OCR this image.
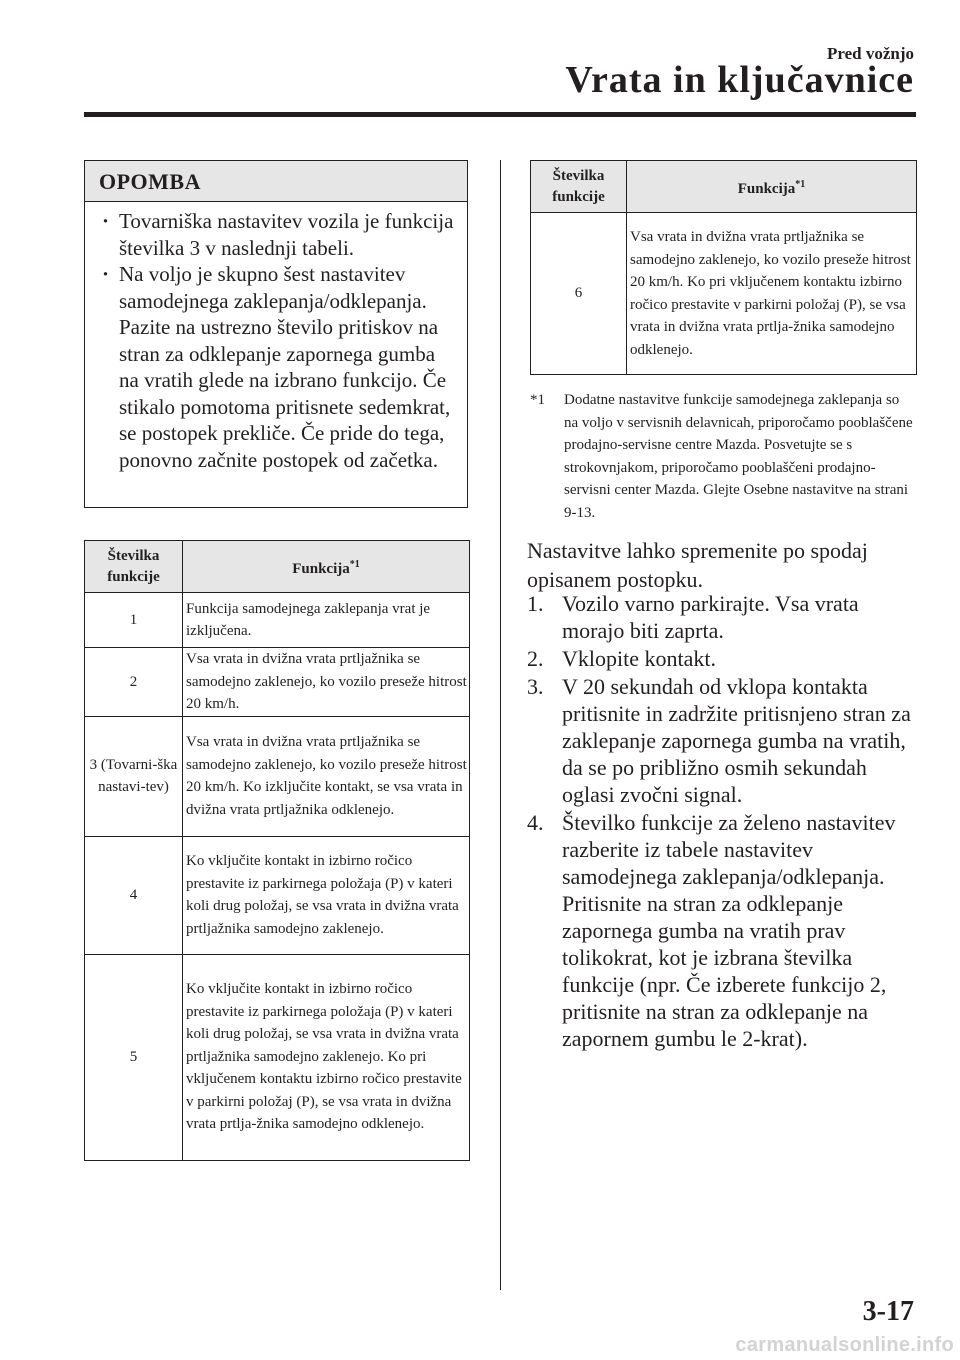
Pred vožnjo
Vrata in ključavnice
OPOMBA
· Tovarniška nastavitev vozila je funkcija številka 3 v naslednji tabeli.
· Na voljo je skupno šest nastavitev samodejnega zaklepanja/odklepanja. Pazite na ustrezno število pritiskov na stran za odklepanje zapornega gumba na vratih glede na izbrano funkcijo. Če stikalo pomotoma pritisnete sedemkrat, se postopek prekliče. Če pride do tega, ponovno začnite postopek od začetka.
Številka funkcije	Funkcija$^{*1}$
1	Funkcija samodejnega zaklepanja vrat je izključena.
2	Vsa vrata in dvižna vrata prtljažnika se samodejno zaklenejo, ko vozilo preseže hitrost 20 km/h.
3 (Tovarni-ška nastavi-tev)	Vsa vrata in dvižna vrata prtljažnika se samodejno zaklenejo, ko vozilo preseže hitrost 20 km/h. Ko izključite kontakt, se vsa vrata in dvižna vrata prtljažnika odklenejo.
4	Ko vključite kontakt in izbirno ročico prestavite iz parkirnega položaja (P) v kateri koli drug položaj, se vsa vrata in dvižna vrata prtljažnika samodejno zaklenejo.
5	Ko vključite kontakt in izbirno ročico prestavite iz parkirnega položaja (P) v kateri koli drug položaj, se vsa vrata in dvižna vrata prtljažnika samodejno zaklenejo. Ko pri vključenem kontaktu izbirno ročico prestavite v parkirni položaj (P), se vsa vrata in dvižna vrata prtlja-žnika samodejno odklenejo.
Številka funkcije	Funkcija$^{*1}$
6	Vsa vrata in dvižna vrata prtljažnika se samodejno zaklenejo, ko vozilo preseže hitrost 20 km/h. Ko pri vključenem kontaktu izbirno ročico prestavite v parkirni položaj (P), se vsa vrata in dvižna vrata prtlja-žnika samodejno odklenejo.
*1	Dodatne nastavitve funkcije samodejnega zaklepanja so na voljo v servisnih delavnicah, priporočamo pooblaščene prodajno-servisne centre Mazda. Posvetujte se s strokovnjakom, priporočamo pooblaščeni prodajno-servisni center Mazda. Glejte Osebne nastavitve na strani 9-13.
Nastavitve lahko spremenite po spodaj opisanem postopku.
1. Vozilo varno parkirajte. Vsa vrata morajo biti zaprta.
2. Vklopite kontakt.
3. V 20 sekundah od vklopa kontakta pritisnite in zadržite pritisnjeno stran za zaklepanje zapornega gumba na vratih, da se po približno osmih sekundah oglasi zvočni signal.
4. Številko funkcije za želeno nastavitev razberite iz tabele nastavitev samodejnega zaklepanja/odklepanja. Pritisnite na stran za odklepanje zapornega gumba na vratih prav tolikokrat, kot je izbrana številka funkcije (npr. Če izberete funkcijo 2, pritisnite na stran za odklepanje na zapornem gumbu le 2-krat).
3-17
carmanualsonline.info
